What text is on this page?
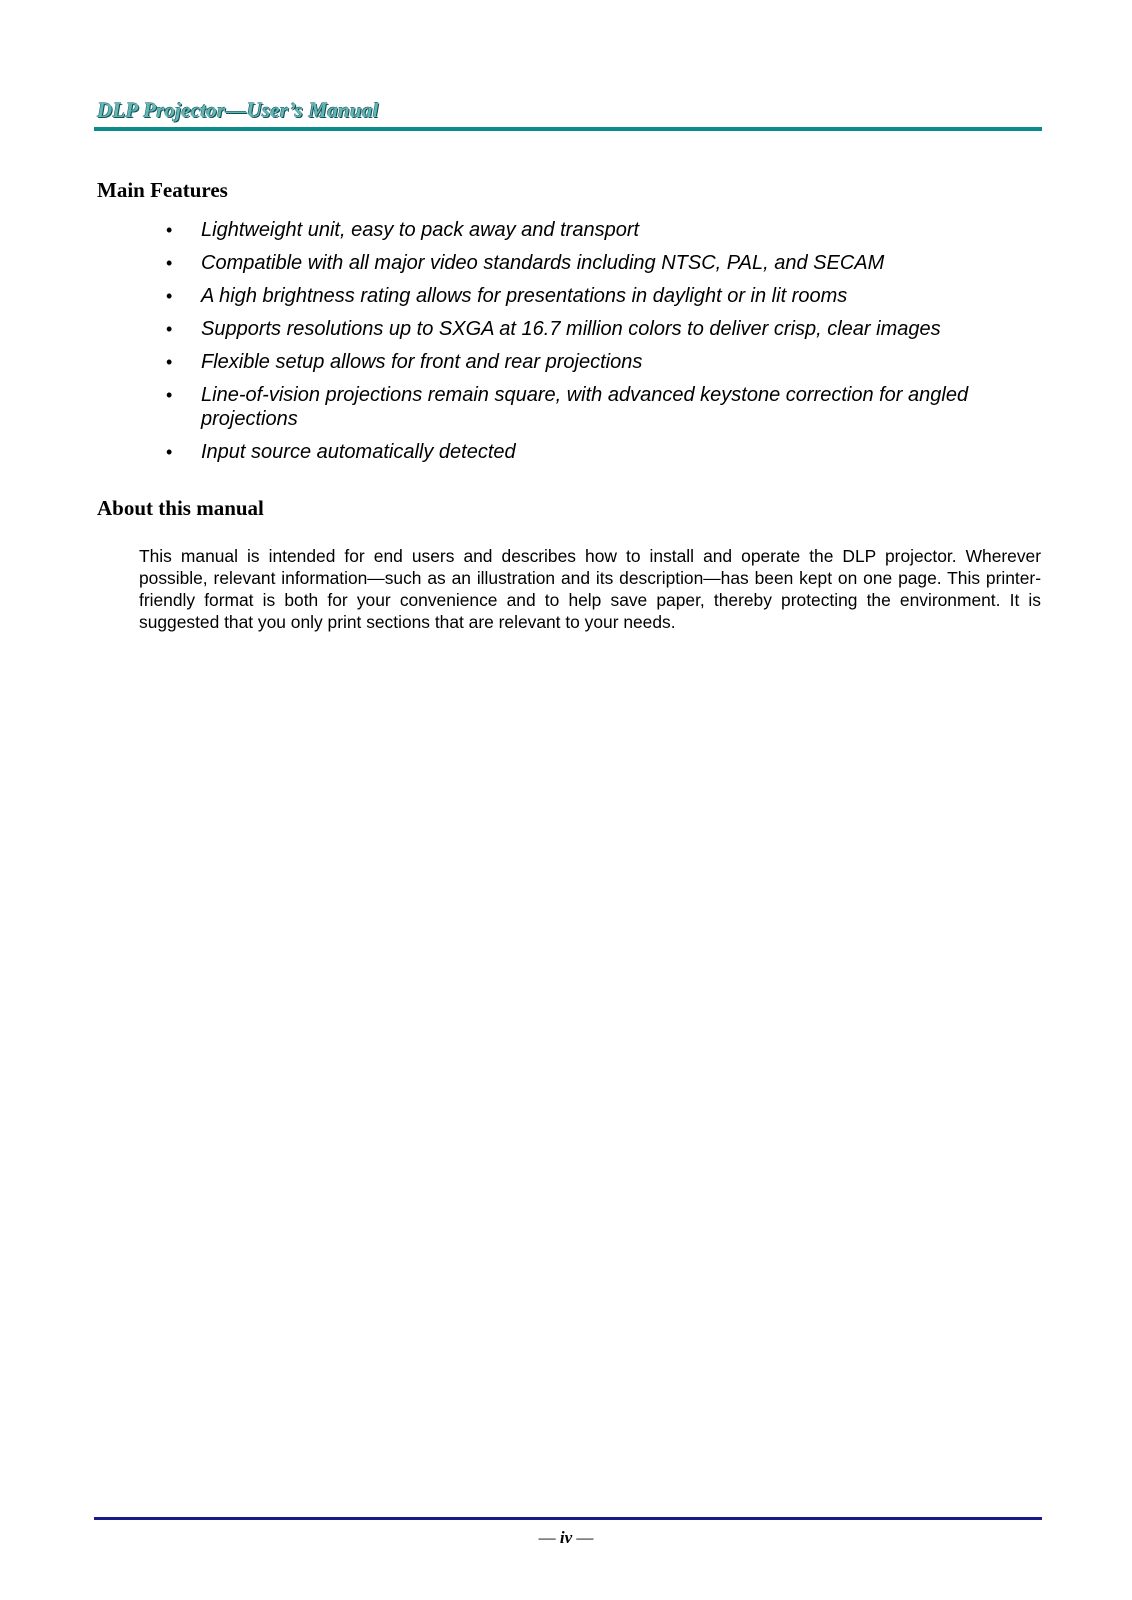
DLP Projector—User’s Manual
Main Features
• Lightweight unit, easy to pack away and transport
• Compatible with all major video standards including NTSC, PAL, and SECAM
• A high brightness rating allows for presentations in daylight or in lit rooms
• Supports resolutions up to SXGA at 16.7 million colors to deliver crisp, clear images
• Flexible setup allows for front and rear projections
• Line-of-vision projections remain square, with advanced keystone correction for angled projections
• Input source automatically detected
About this manual

This manual is intended for end users and describes how to install and operate the DLP projector. Wherever possible, relevant information—such as an illustration and its description—has been kept on one page. This printer-friendly format is both for your convenience and to help save paper, thereby protecting the environment. It is suggested that you only print sections that are relevant to your needs.

— iv —
